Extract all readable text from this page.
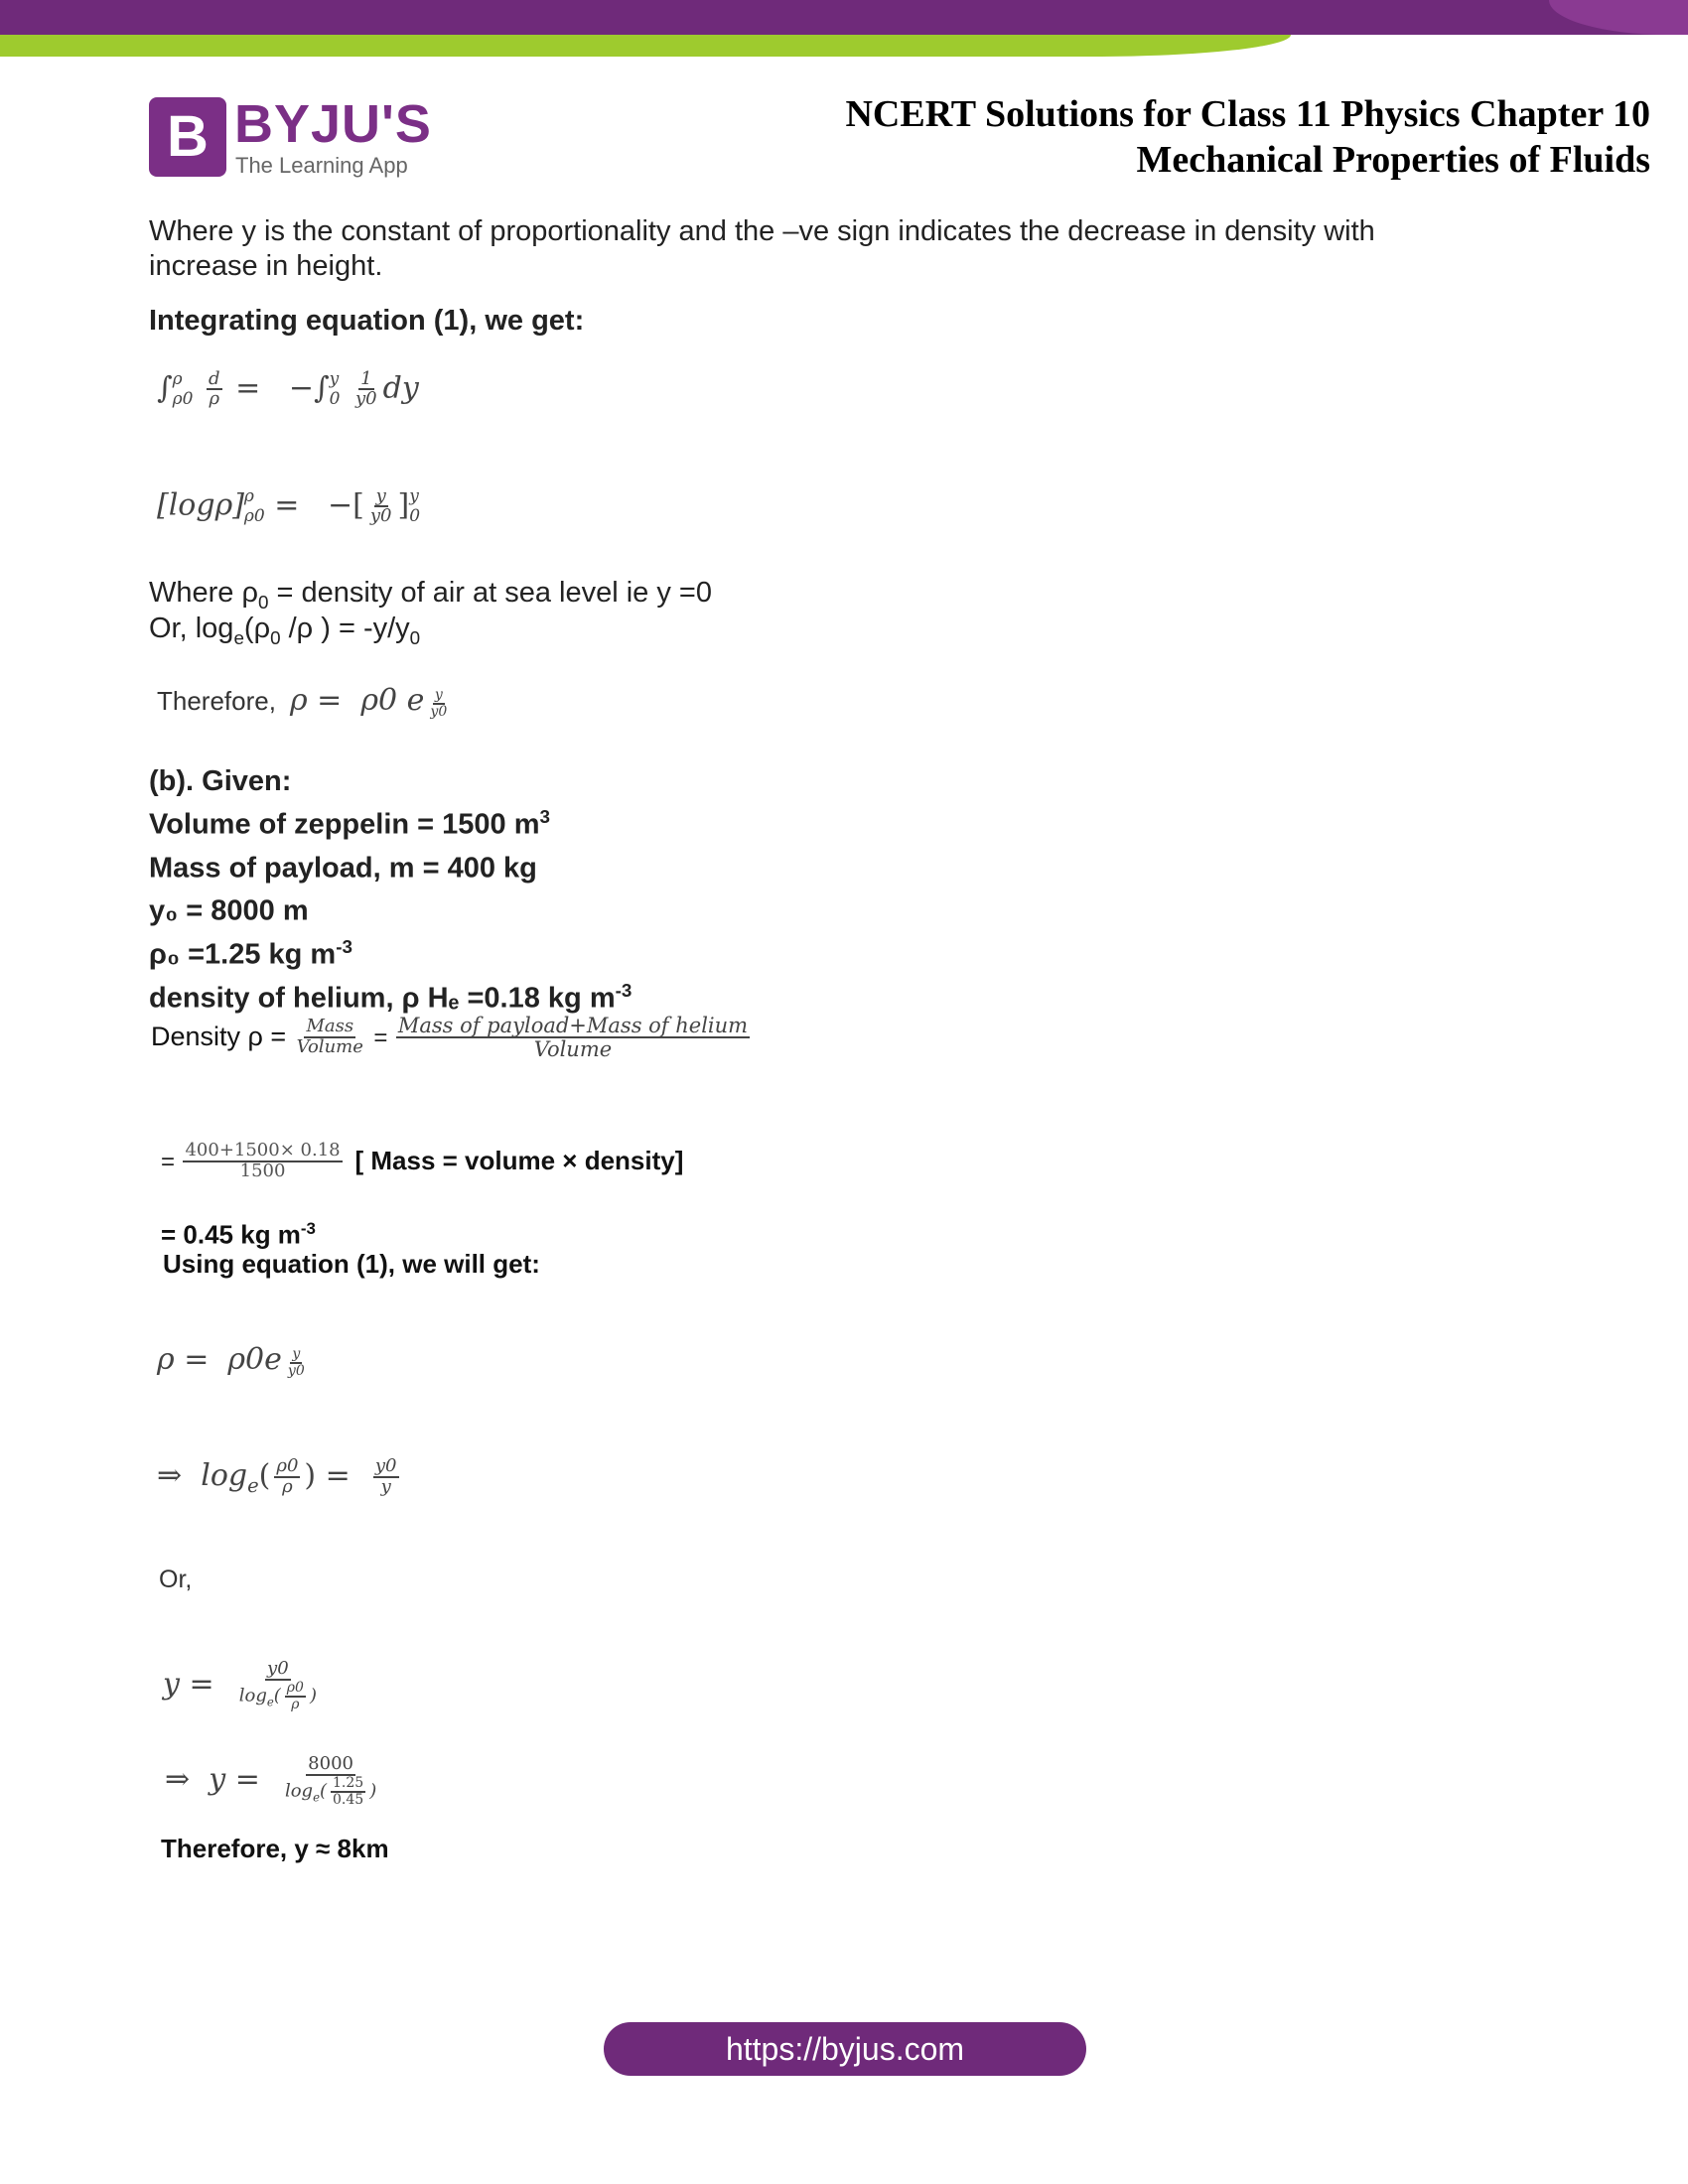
B BYJU'S
The Learning App
NCERT Solutions for Class 11 Physics Chapter 10
Mechanical Properties of Fluids
Where y is the constant of proportionality and the –ve sign indicates the decrease in density with increase in height.
Integrating equation (1), we get:
∫ ρ
ρ0
$\frac{d}{\rho}$ = −∫ y
0
$\frac{1}{y0}$ dy
[logρ] ρ
ρ0 = −[ $\frac{y}{y0}$ ] y
0
Where $\rho_0$ = density of air at sea level ie y =0
Or, $\log_e(\rho_0$ /ρ ) = $-y/y_0$
Therefore, ρ = ρ0 e $\frac{y}{y0}$
(b). Given:
Volume of zeppelin = 1500 $m^3$
Mass of payload, m = 400 kg
y₀ = 8000 m
ρ₀ =1.25 kg $m^{-3}$
density of helium, ρ Hₑ =0.18 kg $m^{-3}$
Density ρ = Mass
Volume = Mass of payload+Mass of helium
Volume
= $\frac{400+1500\times 0.18}{1500}$ [ Mass = volume × density]
= 0.45 kg $m^{-3}$
Using equation (1), we will get:
$\rho = \rho 0e \frac{y}{y0}$
⇒ $\log_e( \frac{\rho 0}{\rho}$ ) = $\frac{y0}{y}$
Or,
$y = \frac{y0}{\log_e( \frac{\rho 0}{\rho} )}$
⇒ $y = \frac{8000}{\log_e( \frac{1.25}{0.45} )}$
Therefore, y ≈ 8km
https://byjus.com
